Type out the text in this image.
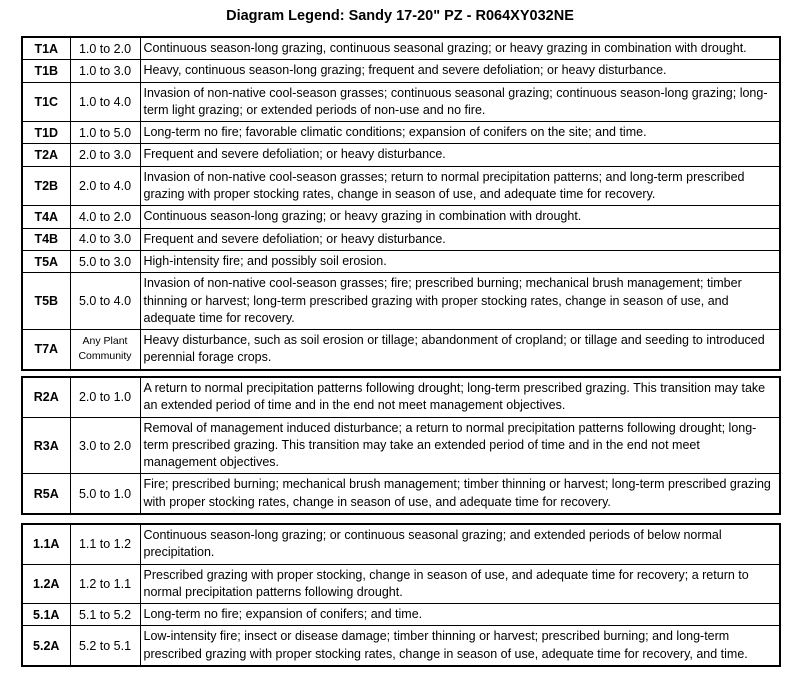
Diagram Legend: Sandy 17-20" PZ - R064XY032NE
T1A	1.0 to 2.0	Continuous season-long grazing, continuous seasonal grazing; or heavy grazing in combination with drought.
T1B	1.0 to 3.0	Heavy, continuous season-long grazing; frequent and severe defoliation; or heavy disturbance.
T1C	1.0 to 4.0	Invasion of non-native cool-season grasses; continuous seasonal grazing; continuous season-long grazing; long-term light grazing; or extended periods of non-use and no fire.
T1D	1.0 to 5.0	Long-term no fire; favorable climatic conditions; expansion of conifers on the site; and time.
T2A	2.0 to 3.0	Frequent and severe defoliation; or heavy disturbance.
T2B	2.0 to 4.0	Invasion of non-native cool-season grasses; return to normal precipitation patterns; and long-term prescribed grazing with proper stocking rates, change in season of use, and adequate time for recovery.
T4A	4.0 to 2.0	Continuous season-long grazing; or heavy grazing in combination with drought.
T4B	4.0 to 3.0	Frequent and severe defoliation; or heavy disturbance.
T5A	5.0 to 3.0	High-intensity fire; and possibly soil erosion.
T5B	5.0 to 4.0	Invasion of non-native cool-season grasses; fire; prescribed burning; mechanical brush management; timber thinning or harvest; long-term prescribed grazing with proper stocking rates, change in season of use, and adequate time for recovery.
T7A	Any Plant Community	Heavy disturbance, such as soil erosion or tillage; abandonment of cropland; or tillage and seeding to introduced perennial forage crops.
R2A	2.0 to 1.0	A return to normal precipitation patterns following drought; long-term prescribed grazing. This transition may take an extended period of time and in the end not meet management objectives.
R3A	3.0 to 2.0	Removal of management induced disturbance; a return to normal precipitation patterns following drought; long-term prescribed grazing. This transition may take an extended period of time and in the end not meet management objectives.
R5A	5.0 to 1.0	Fire; prescribed burning; mechanical brush management; timber thinning or harvest; long-term prescribed grazing with proper stocking rates, change in season of use, and adequate time for recovery.
1.1A	1.1 to 1.2	Continuous season-long grazing; or continuous seasonal grazing; and extended periods of below normal precipitation.
1.2A	1.2 to 1.1	Prescribed grazing with proper stocking, change in season of use, and adequate time for recovery; a return to normal precipitation patterns following drought.
5.1A	5.1 to 5.2	Long-term no fire; expansion of conifers; and time.
5.2A	5.2 to 5.1	Low-intensity fire; insect or disease damage; timber thinning or harvest; prescribed burning; and long-term prescribed grazing with proper stocking rates, change in season of use, adequate time for recovery, and time.
